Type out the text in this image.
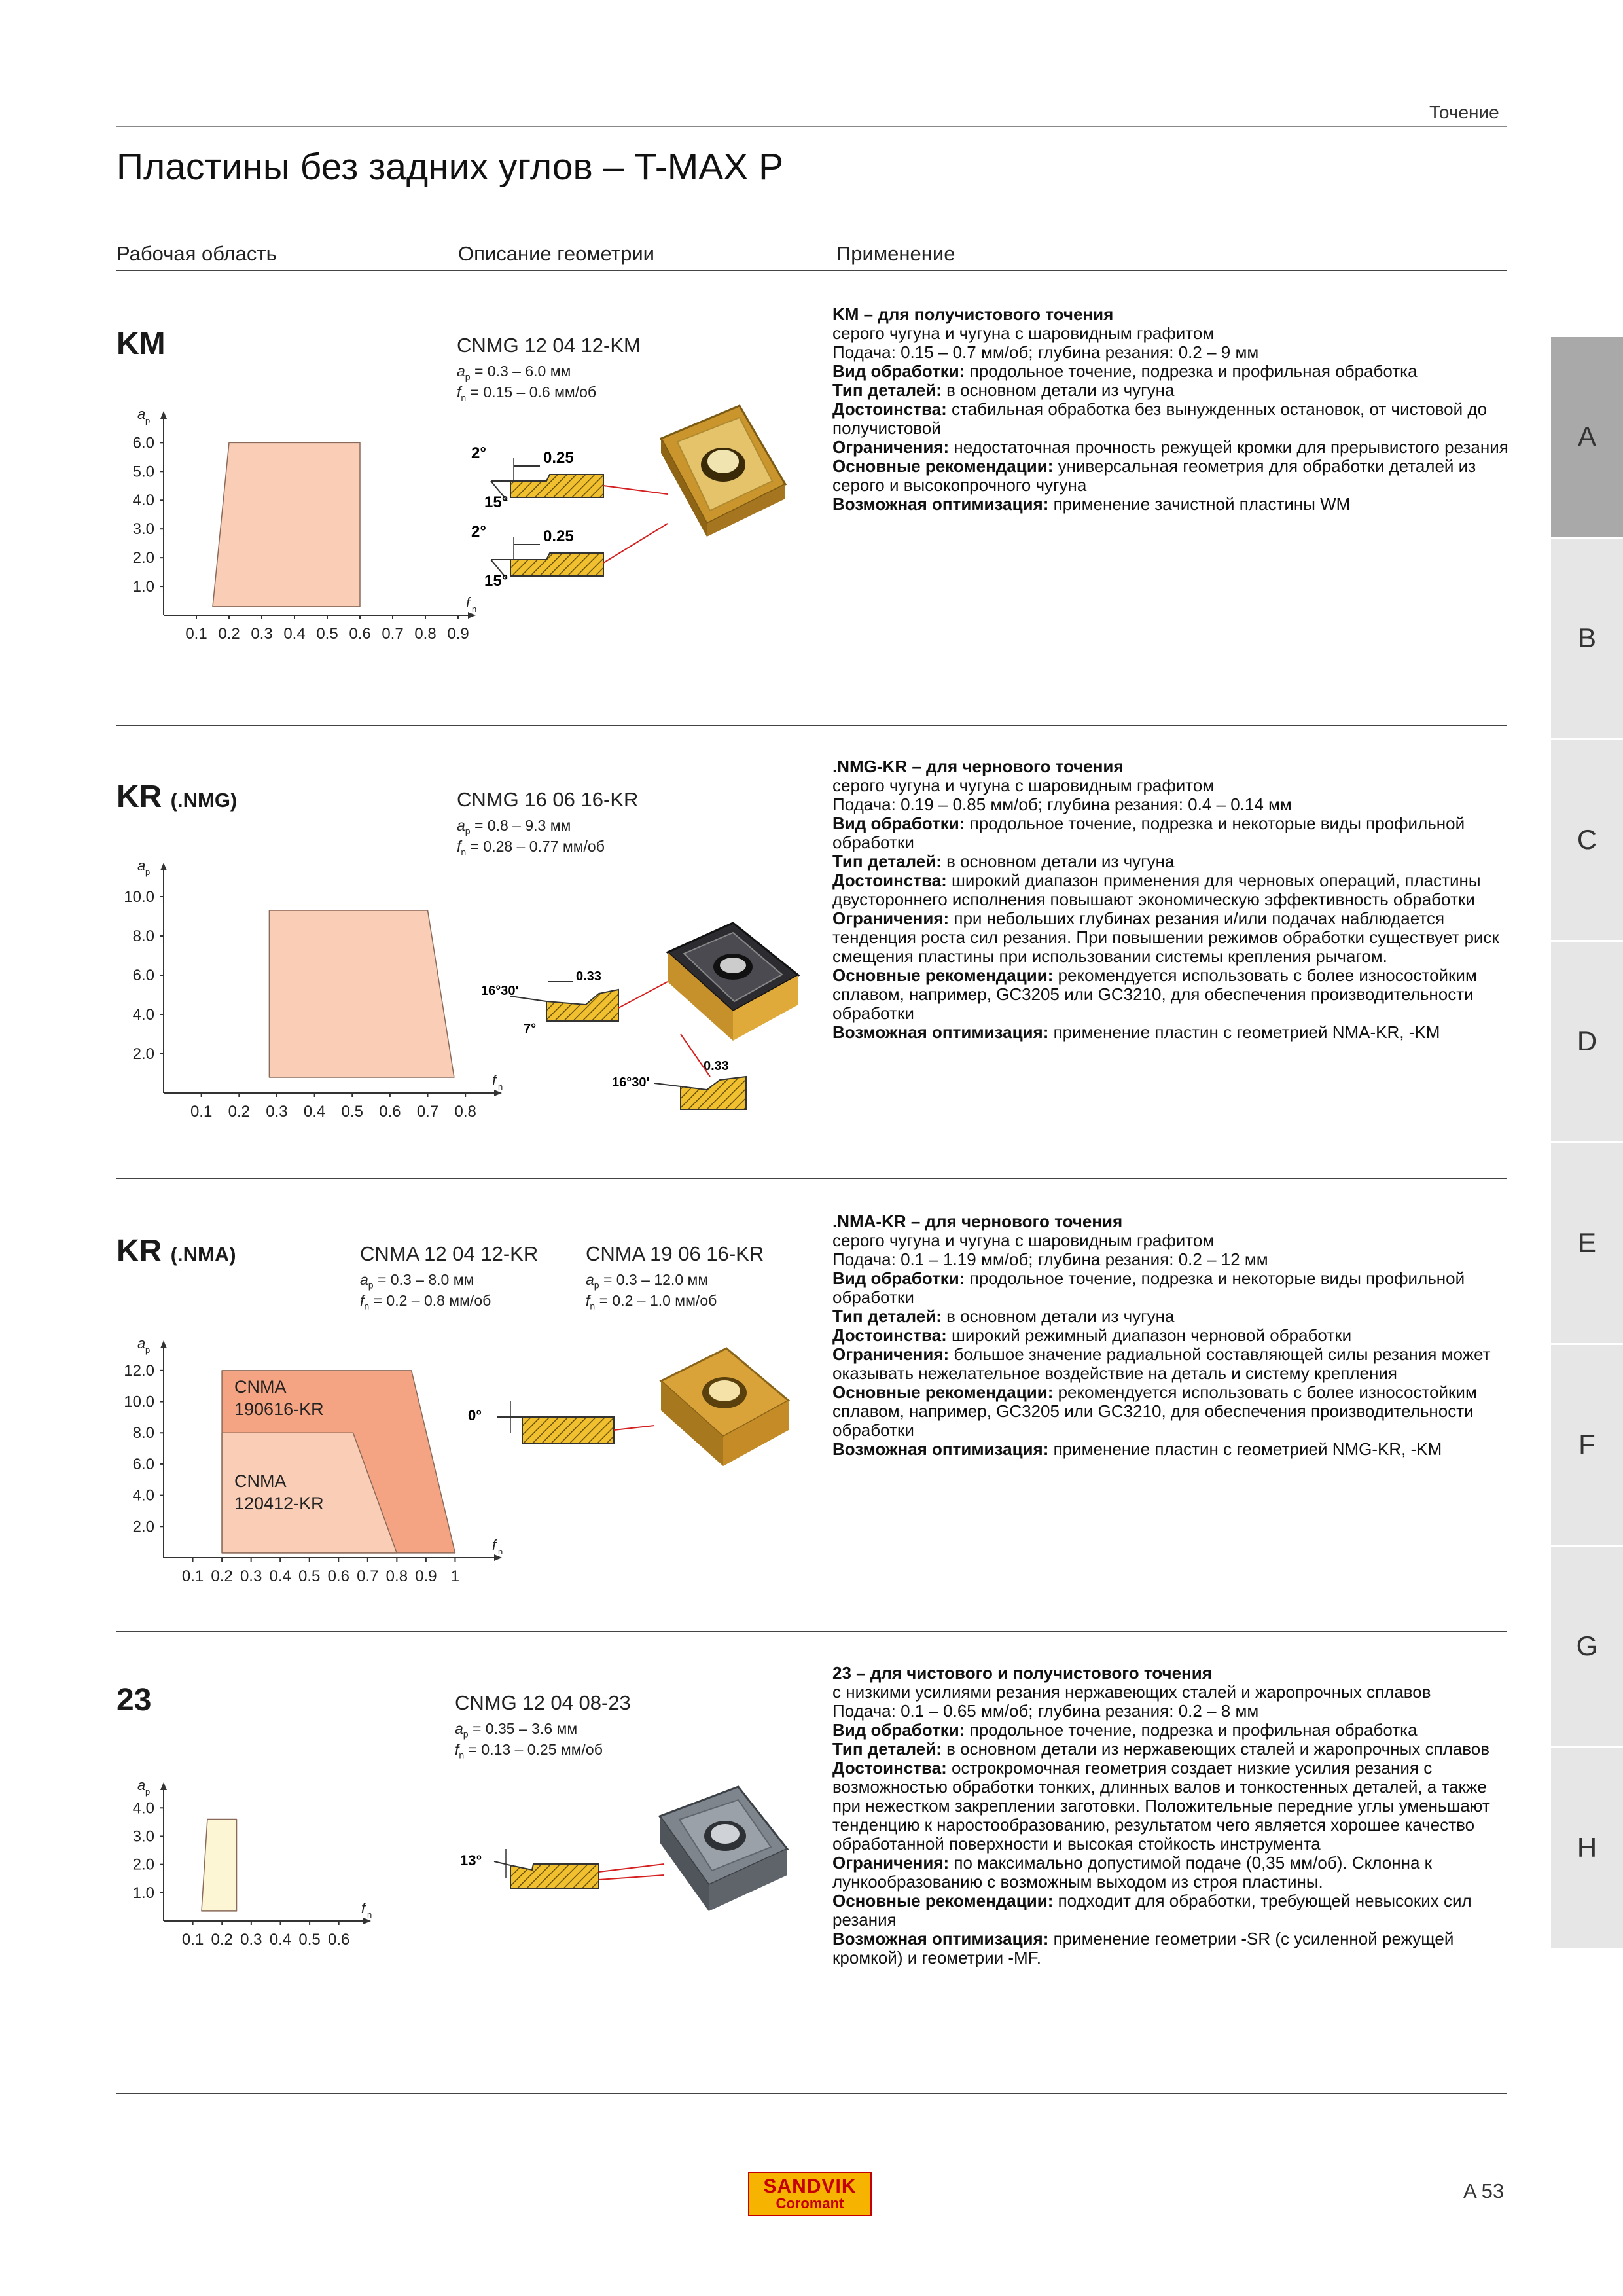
Точение
Пластины без задних углов – T-MAX P
Рабочая область	Описание геометрии	Применение
A
B
C
D
E
F
G
H
KM	CNMG 12 04 12-KM
$a_p = 0.3 - 6.0$ мм
$f_n = 0.15 - 0.6$ мм/об
1.0
2.0
3.0
4.0
5.0
6.0
0.1 0.2 0.3 0.4 0.5 0.6 0.7 0.8 0.9
a p
f n
2°
15°
0.25
2°
15°
0.25

KM – для получистового точения

серого чугуна и чугуна с шаровидным графитом

Подача: 0.15 – 0.7 мм/об; глубина резания: 0.2 – 9 мм

Вид обработки: продольное точение, подрезка и профильная обработка

Тип деталей: в основном детали из чугуна

Достоинства: стабильная обработка без вынужденных остановок, от чистовой до получистовой

Ограничения: недостаточная прочность режущей кромки для прерывистого резания

Основные рекомендации: универсальная геометрия для обработки деталей из серого и высокопрочного чугуна

Возможная оптимизация: применение зачистной пластины WM

KR (.NMG)	CNMG 16 06 16-KR
$a_p = 0.8 - 9.3$ мм
$f_n = 0.28 - 0.77$ мм/об
2.0
4.0
6.0
8.0
10.0
0.1 0.2 0.3 0.4 0.5 0.6 0.7 0.8
a p
f n
16°30'
7°
0.33
16°30'
0.33

.NMG-KR – для чернового точения

серого чугуна и чугуна с шаровидным графитом

Подача: 0.19 – 0.85 мм/об; глубина резания: 0.4 – 0.14 мм

Вид обработки: продольное точение, подрезка и некоторые виды профильной обработки

Тип деталей: в основном детали из чугуна

Достоинства: широкий диапазон применения для черновых операций, пластины двустороннего исполнения повышают экономическую эффективность обработки

Ограничения: при небольших глубинах резания и/или подачах наблюдается тенденция роста сил резания. При повышении режимов обработки существует риск смещения пластины при использовании системы крепления рычагом.

Основные рекомендации: рекомендуется использовать с более износостойким сплавом, например, GC3205 или GC3210, для обеспечения производительности обработки

Возможная оптимизация: применение пластин с геометрией NMA-KR, -KM

KR (.NMA)	CNMA 12 04 12-KR
$a_p = 0.3 - 8.0$ мм
$f_n = 0.2 - 0.8$ мм/об
CNMA 19 06 16-KR
$a_p = 0.3 - 12.0$ мм
$f_n = 0.2 - 1.0$ мм/об
2.0
4.0
6.0
8.0
10.0
12.0
0.1 0.2 0.3 0.4 0.5 0.6 0.7 0.8 0.9 1
a p
f n
CNMA
190616-KR
CNMA
120412-KR
0°

.NMA-KR – для чернового точения

серого чугуна и чугуна с шаровидным графитом

Подача: 0.1 – 1.19 мм/об; глубина резания: 0.2 – 12 мм

Вид обработки: продольное точение, подрезка и некоторые виды профильной обработки

Тип деталей: в основном детали из чугуна

Достоинства: широкий режимный диапазон черновой обработки

Ограничения: большое значение радиальной составляющей силы резания может оказывать нежелательное воздействие на деталь и систему крепления

Основные рекомендации: рекомендуется использовать с более износостойким сплавом, например, GC3205 или GC3210, для обеспечения производительности обработки

Возможная оптимизация: применение пластин с геометрией NMG-KR, -KM

23	CNMG 12 04 08-23
$a_p = 0.35 - 3.6$ мм
$f_n = 0.13 - 0.25$ мм/об
1.0
2.0
3.0
4.0
0.1 0.2 0.3 0.4 0.5 0.6
a p
f n
13°

23 – для чистового и получистового точения

с низкими усилиями резания нержавеющих сталей и жаропрочных сплавов

Подача: 0.1 – 0.65 мм/об; глубина резания: 0.2 – 8 мм

Вид обработки: продольное точение, подрезка и профильная обработка

Тип деталей: в основном детали из нержавеющих сталей и жаропрочных сплавов

Достоинства: острокромочная геометрия создает низкие усилия резания с возможностью обработки тонких, длинных валов и тонкостенных деталей, а также при нежестком закреплении заготовки. Положительные передние углы уменьшают тенденцию к наростообразованию, результатом чего является хорошее качество обработанной поверхности и высокая стойкость инструмента

Ограничения: по максимально допустимой подаче (0,35 мм/об). Склонна к лункообразованию с возможным выходом из строя пластины.

Основные рекомендации: подходит для обработки, требующей невысоких сил резания

Возможная оптимизация: применение геометрии -SR (с усиленной режущей кромкой) и геометрии -MF.

SANDVIK
Coromant
A 53
